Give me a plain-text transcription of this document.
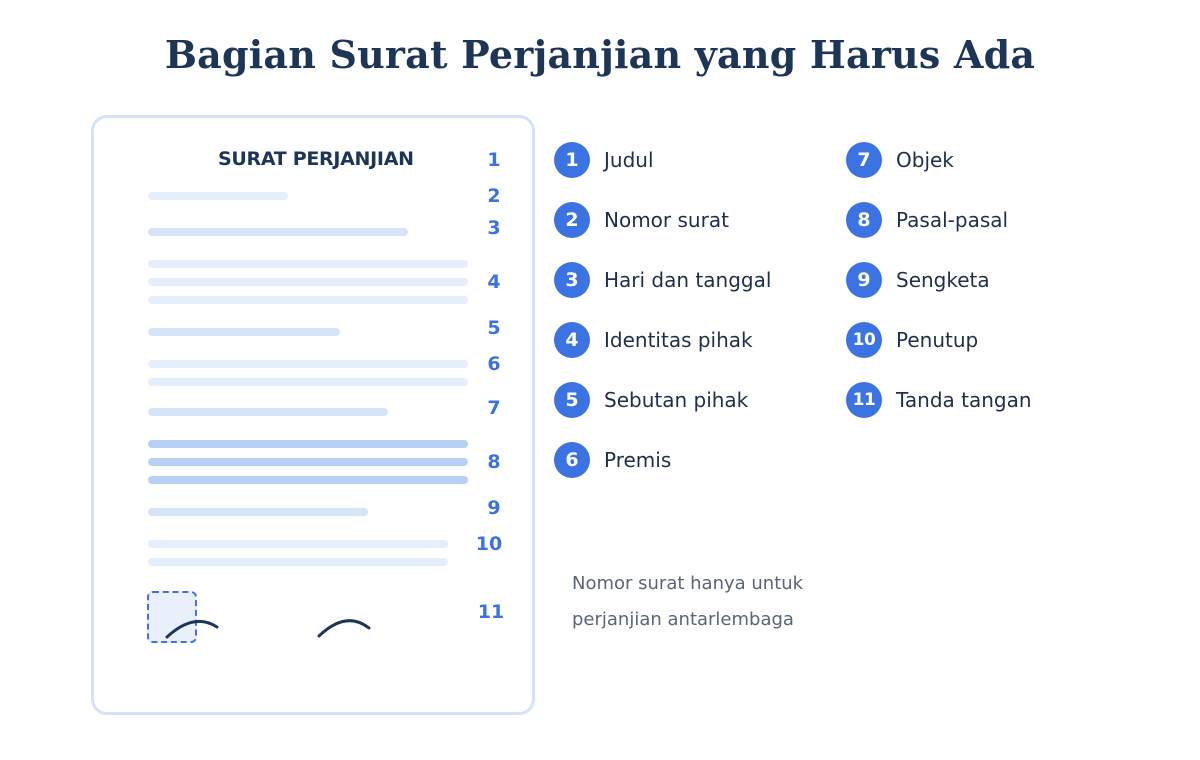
Bagian Surat Perjanjian yang Harus Ada
SURAT PERJANJIAN	1
2
3
4
5
6
7
8
9
10
11
1	Judul
2	Nomor surat
3	Hari dan tanggal
4	Identitas pihak
5	Sebutan pihak
6	Premis
7	Objek
8	Pasal-pasal
9	Sengketa
10	Penutup
11	Tanda tangan
Nomor surat hanya untuk
perjanjian antarlembaga
